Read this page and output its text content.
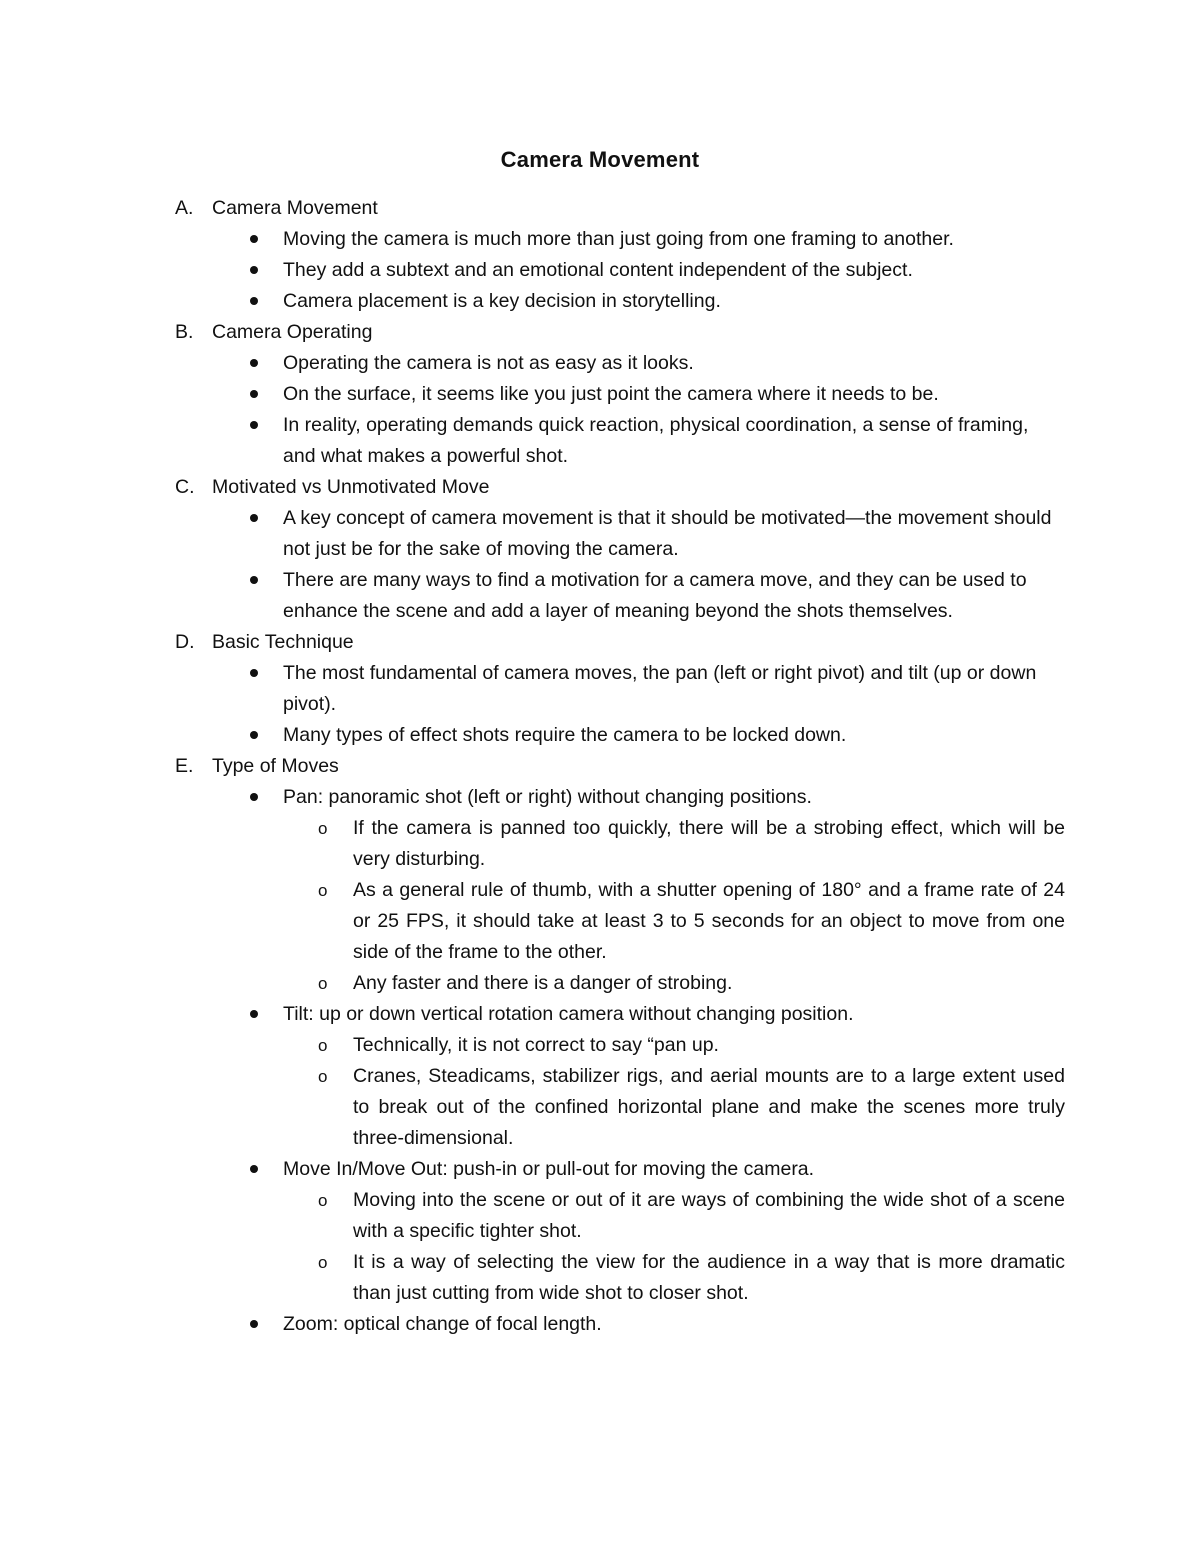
Camera Movement
A. Camera Movement
Moving the camera is much more than just going from one framing to another.
They add a subtext and an emotional content independent of the subject.
Camera placement is a key decision in storytelling.
B. Camera Operating
Operating the camera is not as easy as it looks.
On the surface, it seems like you just point the camera where it needs to be.
In reality, operating demands quick reaction, physical coordination, a sense of framing, and what makes a powerful shot.
C. Motivated vs Unmotivated Move
A key concept of camera movement is that it should be motivated—the movement should not just be for the sake of moving the camera.
There are many ways to find a motivation for a camera move, and they can be used to enhance the scene and add a layer of meaning beyond the shots themselves.
D. Basic Technique
The most fundamental of camera moves, the pan (left or right pivot) and tilt (up or down pivot).
Many types of effect shots require the camera to be locked down.
E. Type of Moves
Pan: panoramic shot (left or right) without changing positions.
o If the camera is panned too quickly, there will be a strobing effect, which will be very disturbing.
o As a general rule of thumb, with a shutter opening of 180° and a frame rate of 24 or 25 FPS, it should take at least 3 to 5 seconds for an object to move from one side of the frame to the other.
o Any faster and there is a danger of strobing.
Tilt: up or down vertical rotation camera without changing position.
o Technically, it is not correct to say “pan up.
o Cranes, Steadicams, stabilizer rigs, and aerial mounts are to a large extent used to break out of the confined horizontal plane and make the scenes more truly three-dimensional.
Move In/Move Out: push-in or pull-out for moving the camera.
o Moving into the scene or out of it are ways of combining the wide shot of a scene with a specific tighter shot.
o It is a way of selecting the view for the audience in a way that is more dramatic than just cutting from wide shot to closer shot.
Zoom: optical change of focal length.
